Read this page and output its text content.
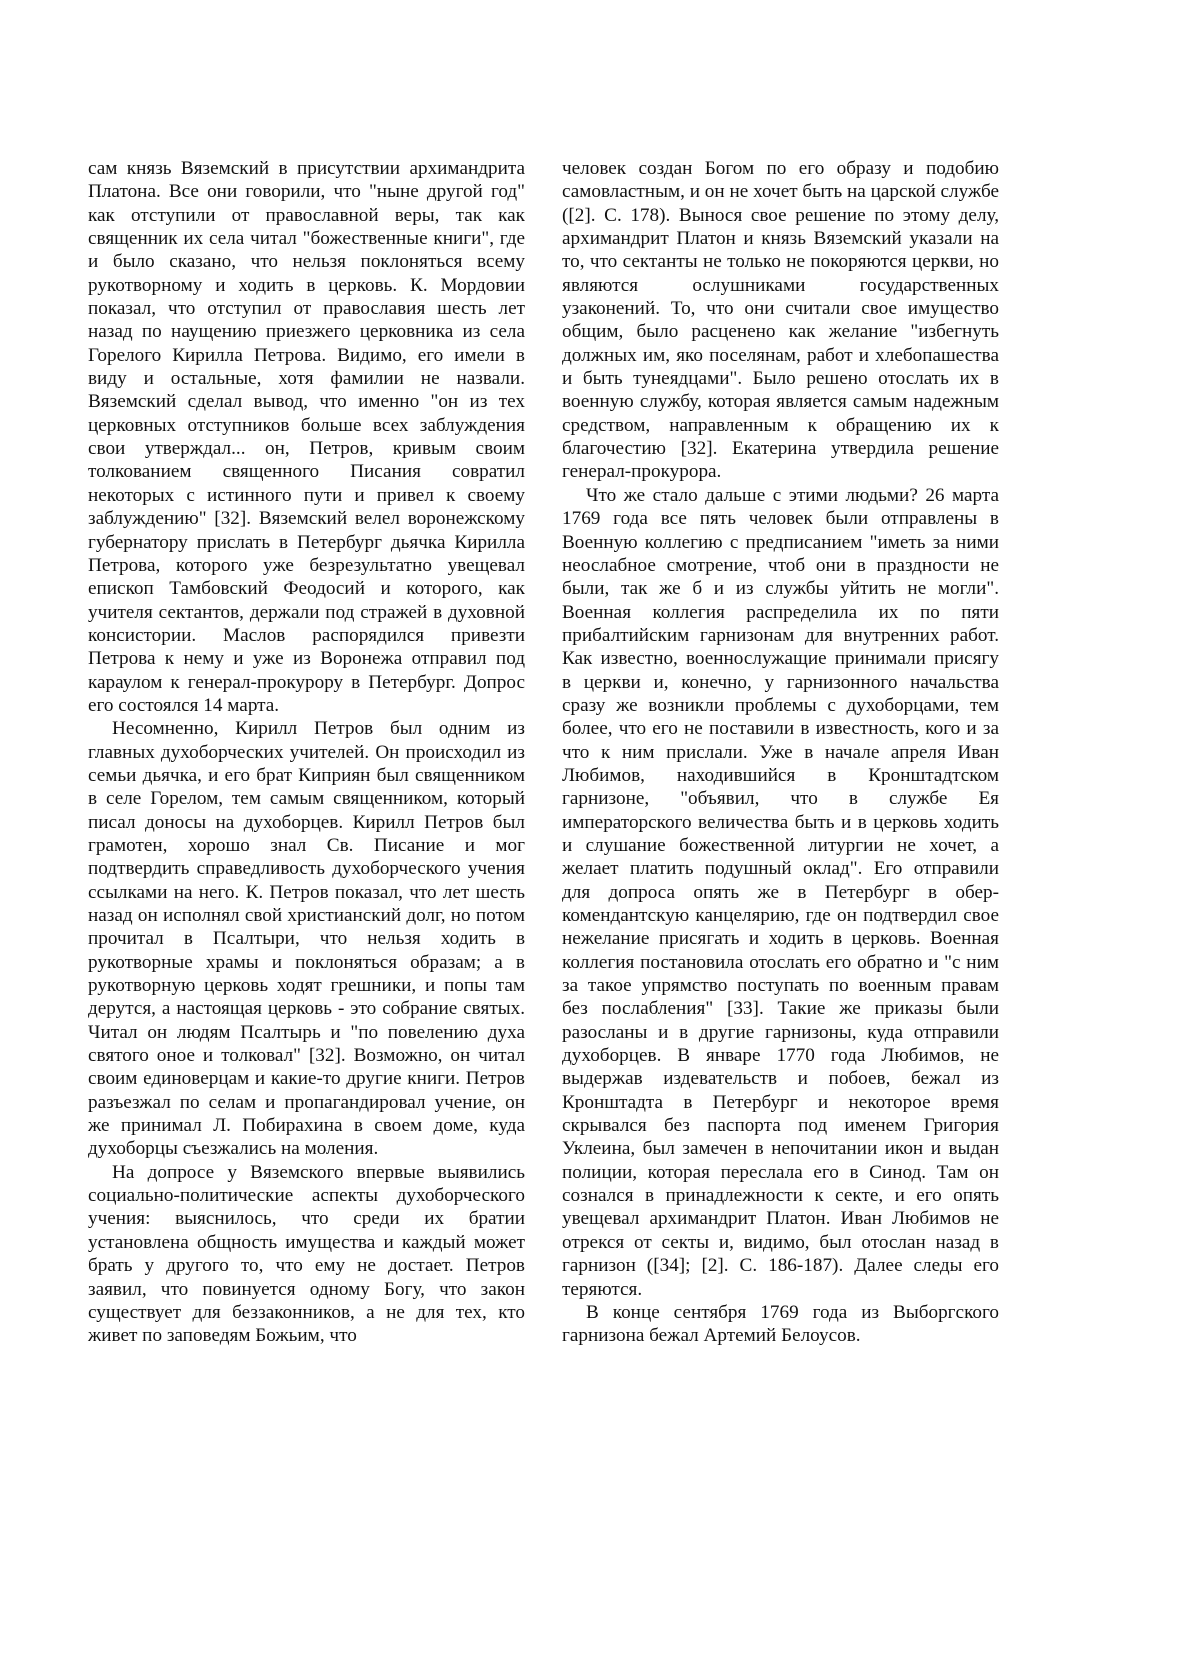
сам князь Вяземский в присутствии архимандрита Платона. Все они говорили, что "ныне другой год" как отступили от православной веры, так как священник их села читал "божественные книги", где и было сказано, что нельзя поклоняться всему рукотворному и ходить в церковь. К. Мордовии показал, что отступил от православия шесть лет назад по наущению приезжего церковника из села Горелого Кирилла Петрова. Видимо, его имели в виду и остальные, хотя фамилии не назвали. Вяземский сделал вывод, что именно "он из тех церковных отступников больше всех заблуждения свои утверждал... он, Петров, кривым своим толкованием священного Писания совратил некоторых с истинного пути и привел к своему заблуждению" [32]. Вяземский велел воронежскому губернатору прислать в Петербург дьячка Кирилла Петрова, которого уже безрезультатно увещевал епископ Тамбовский Феодосий и которого, как учителя сектантов, держали под стражей в духовной консистории. Маслов распорядился привезти Петрова к нему и уже из Воронежа отправил под караулом к генерал-прокурору в Петербург. Допрос его состоялся 14 марта.

Несомненно, Кирилл Петров был одним из главных духоборческих учителей. Он происходил из семьи дьячка, и его брат Киприян был священником в селе Горелом, тем самым священником, который писал доносы на духоборцев. Кирилл Петров был грамотен, хорошо знал Св. Писание и мог подтвердить справедливость духоборческого учения ссылками на него. К. Петров показал, что лет шесть назад он исполнял свой христианский долг, но потом прочитал в Псалтыри, что нельзя ходить в рукотворные храмы и поклоняться образам; а в рукотворную церковь ходят грешники, и попы там дерутся, а настоящая церковь - это собрание святых. Читал он людям Псалтырь и "по повелению духа святого оное и толковал" [32]. Возможно, он читал своим единоверцам и какие-то другие книги. Петров разъезжал по селам и пропагандировал учение, он же принимал Л. Побирахина в своем доме, куда духоборцы съезжались на моления.

На допросе у Вяземского впервые выявились социально-политические аспекты духоборческого учения: выяснилось, что среди их братии установлена общность имущества и каждый может брать у другого то, что ему не достает. Петров заявил, что повинуется одному Богу, что закон существует для беззаконников, а не для тех, кто живет по заповедям Божьим, что

человек создан Богом по его образу и подобию самовластным, и он не хочет быть на царской службе ([2]. С. 178). Вынося свое решение по этому делу, архимандрит Платон и князь Вяземский указали на то, что сектанты не только не покоряются церкви, но являются ослушниками государственных узаконений. То, что они считали свое имущество общим, было расценено как желание "избегнуть должных им, яко поселянам, работ и хлебопашества и быть тунеядцами". Было решено отослать их в военную службу, которая является самым надежным средством, направленным к обращению их к благочестию [32]. Екатерина утвердила решение генерал-прокурора.

Что же стало дальше с этими людьми? 26 марта 1769 года все пять человек были отправлены в Военную коллегию с предписанием "иметь за ними неослабное смотрение, чтоб они в праздности не были, так же б и из службы уйтить не могли". Военная коллегия распределила их по пяти прибалтийским гарнизонам для внутренних работ. Как известно, военнослужащие принимали присягу в церкви и, конечно, у гарнизонного начальства сразу же возникли проблемы с духоборцами, тем более, что его не поставили в известность, кого и за что к ним прислали. Уже в начале апреля Иван Любимов, находившийся в Кронштадтском гарнизоне, "объявил, что в службе Ея императорского величества быть и в церковь ходить и слушание божественной литургии не хочет, а желает платить подушный оклад". Его отправили для допроса опять же в Петербург в обер-комендантскую канцелярию, где он подтвердил свое нежелание присягать и ходить в церковь. Военная коллегия постановила отослать его обратно и "с ним за такое упрямство поступать по военным правам без послабления" [33]. Такие же приказы были разосланы и в другие гарнизоны, куда отправили духоборцев. В январе 1770 года Любимов, не выдержав издевательств и побоев, бежал из Кронштадта в Петербург и некоторое время скрывался без паспорта под именем Григория Уклеина, был замечен в непочитании икон и выдан полиции, которая переслала его в Синод. Там он сознался в принадлежности к секте, и его опять увещевал архимандрит Платон. Иван Любимов не отрекся от секты и, видимо, был отослан назад в гарнизон ([34]; [2]. С. 186-187). Далее следы его теряются.

В конце сентября 1769 года из Выборгского гарнизона бежал Артемий Белоусов.
